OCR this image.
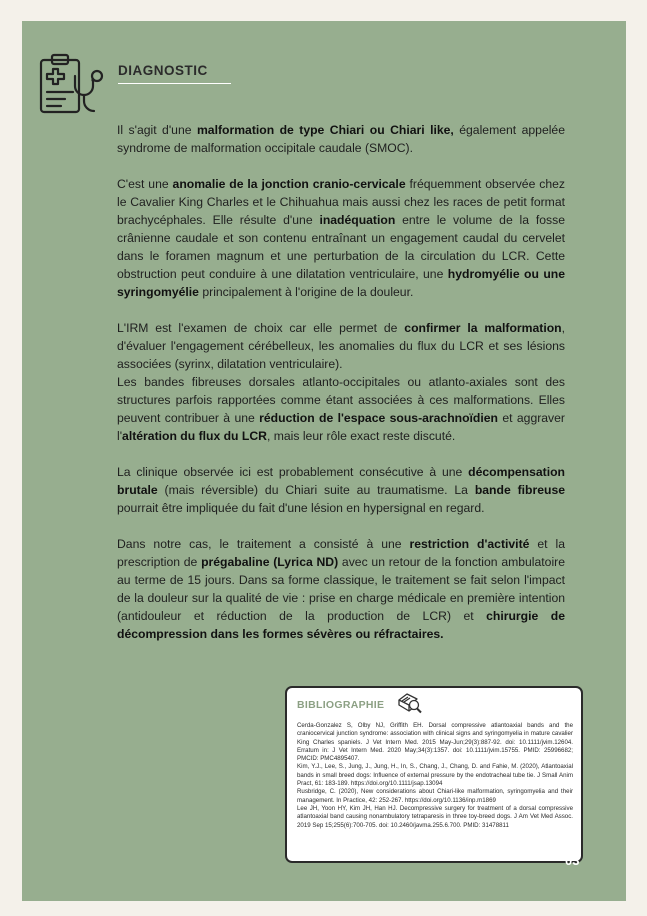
DIAGNOSTIC

Il s'agit d'une malformation de type Chiari ou Chiari like, également appelée syndrome de malformation occipitale caudale (SMOC).

C'est une anomalie de la jonction cranio-cervicale fréquemment observée chez le Cavalier King Charles et le Chihuahua mais aussi chez les races de petit format brachycéphales. Elle résulte d'une inadéquation entre le volume de la fosse crânienne caudale et son contenu entraînant un engagement caudal du cervelet dans le foramen magnum et une perturbation de la circulation du LCR. Cette obstruction peut conduire à une dilatation ventriculaire, une hydromyélie ou une syringomyélie principalement à l'origine de la douleur.

L'IRM est l'examen de choix car elle permet de confirmer la malformation, d'évaluer l'engagement cérébelleux, les anomalies du flux du LCR et ses lésions associées (syrinx, dilatation ventriculaire).

Les bandes fibreuses dorsales atlanto-occipitales ou atlanto-axiales sont des structures parfois rapportées comme étant associées à ces malformations. Elles peuvent contribuer à une réduction de l'espace sous-arachnoïdien et aggraver l'altération du flux du LCR, mais leur rôle exact reste discuté.

La clinique observée ici est probablement consécutive à une décompensation brutale (mais réversible) du Chiari suite au traumatisme. La bande fibreuse pourrait être impliquée du fait d'une lésion en hypersignal en regard.

Dans notre cas, le traitement a consisté à une restriction d'activité et la prescription de prégabaline (Lyrica ND) avec un retour de la fonction ambulatoire au terme de 15 jours. Dans sa forme classique, le traitement se fait selon l'impact de la douleur sur la qualité de vie : prise en charge médicale en première intention (antidouleur et réduction de la production de LCR) et chirurgie de décompression dans les formes sévères ou réfractaires.

BIBLIOGRAPHIE
Cerda-Gonzalez S, Olby NJ, Griffith EH. Dorsal compressive atlantoaxial bands and the craniocervical junction syndrome: association with clinical signs and syringomyelia in mature cavalier King Charles spaniels. J Vet Intern Med. 2015 May-Jun;29(3):887-92. doi: 10.1111/jvim.12604. Erratum in: J Vet Intern Med. 2020 May;34(3):1357. doi: 10.1111/jvim.15755. PMID: 25996682; PMCID: PMC4895407.
Kim, Y.J., Lee, S., Jung, J., Jung, H., In, S., Chang, J., Chang, D. and Fahie, M. (2020), Atlantoaxial bands in small breed dogs: Influence of external pressure by the endotracheal tube tie. J Small Anim Pract, 61: 183-189. https://doi.org/10.1111/jsap.13094
Rusbridge, C. (2020), New considerations about Chiari-like malformation, syringomyelia and their management. In Practice, 42: 252-267. https://doi.org/10.1136/inp.m1869
Lee JH, Yoon HY, Kim JH, Han HJ. Decompressive surgery for treatment of a dorsal compressive atlantoaxial band causing nonambulatory tetraparesis in three toy-breed dogs. J Am Vet Med Assoc. 2019 Sep 15;255(6):700-705. doi: 10.2460/javma.255.6.700. PMID: 31478811
03
